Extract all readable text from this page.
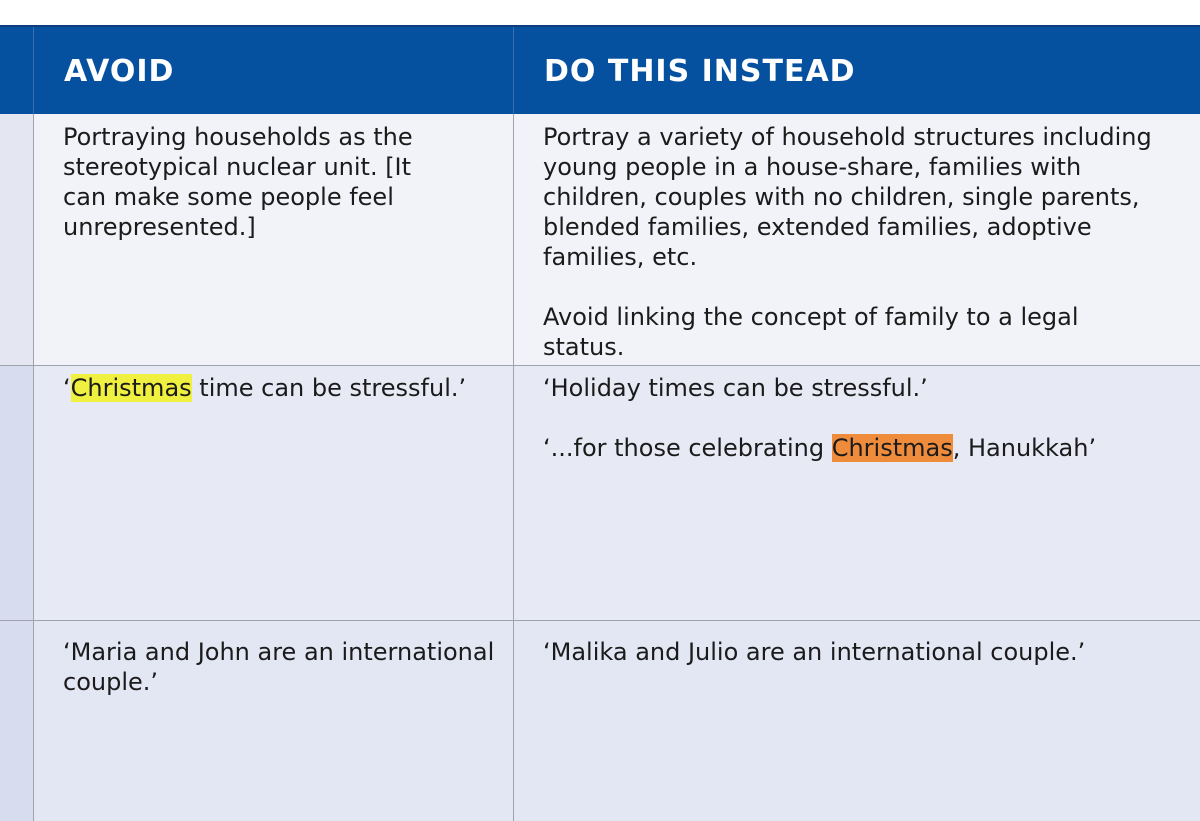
AVOID	DO THIS INSTEAD
Portraying households as the
stereotypical nuclear unit. [It
can make some people feel
unrepresented.]
Portray a variety of household structures including
young people in a house-share, families with
children, couples with no children, single parents,
blended families, extended families, adoptive
families, etc.
Avoid linking the concept of family to a legal
status.
‘Christmas time can be stressful.’	‘Holiday times can be stressful.’
‘...for those celebrating Christmas, Hanukkah’
‘Maria and John are an international
couple.’
‘Malika and Julio are an international couple.’
